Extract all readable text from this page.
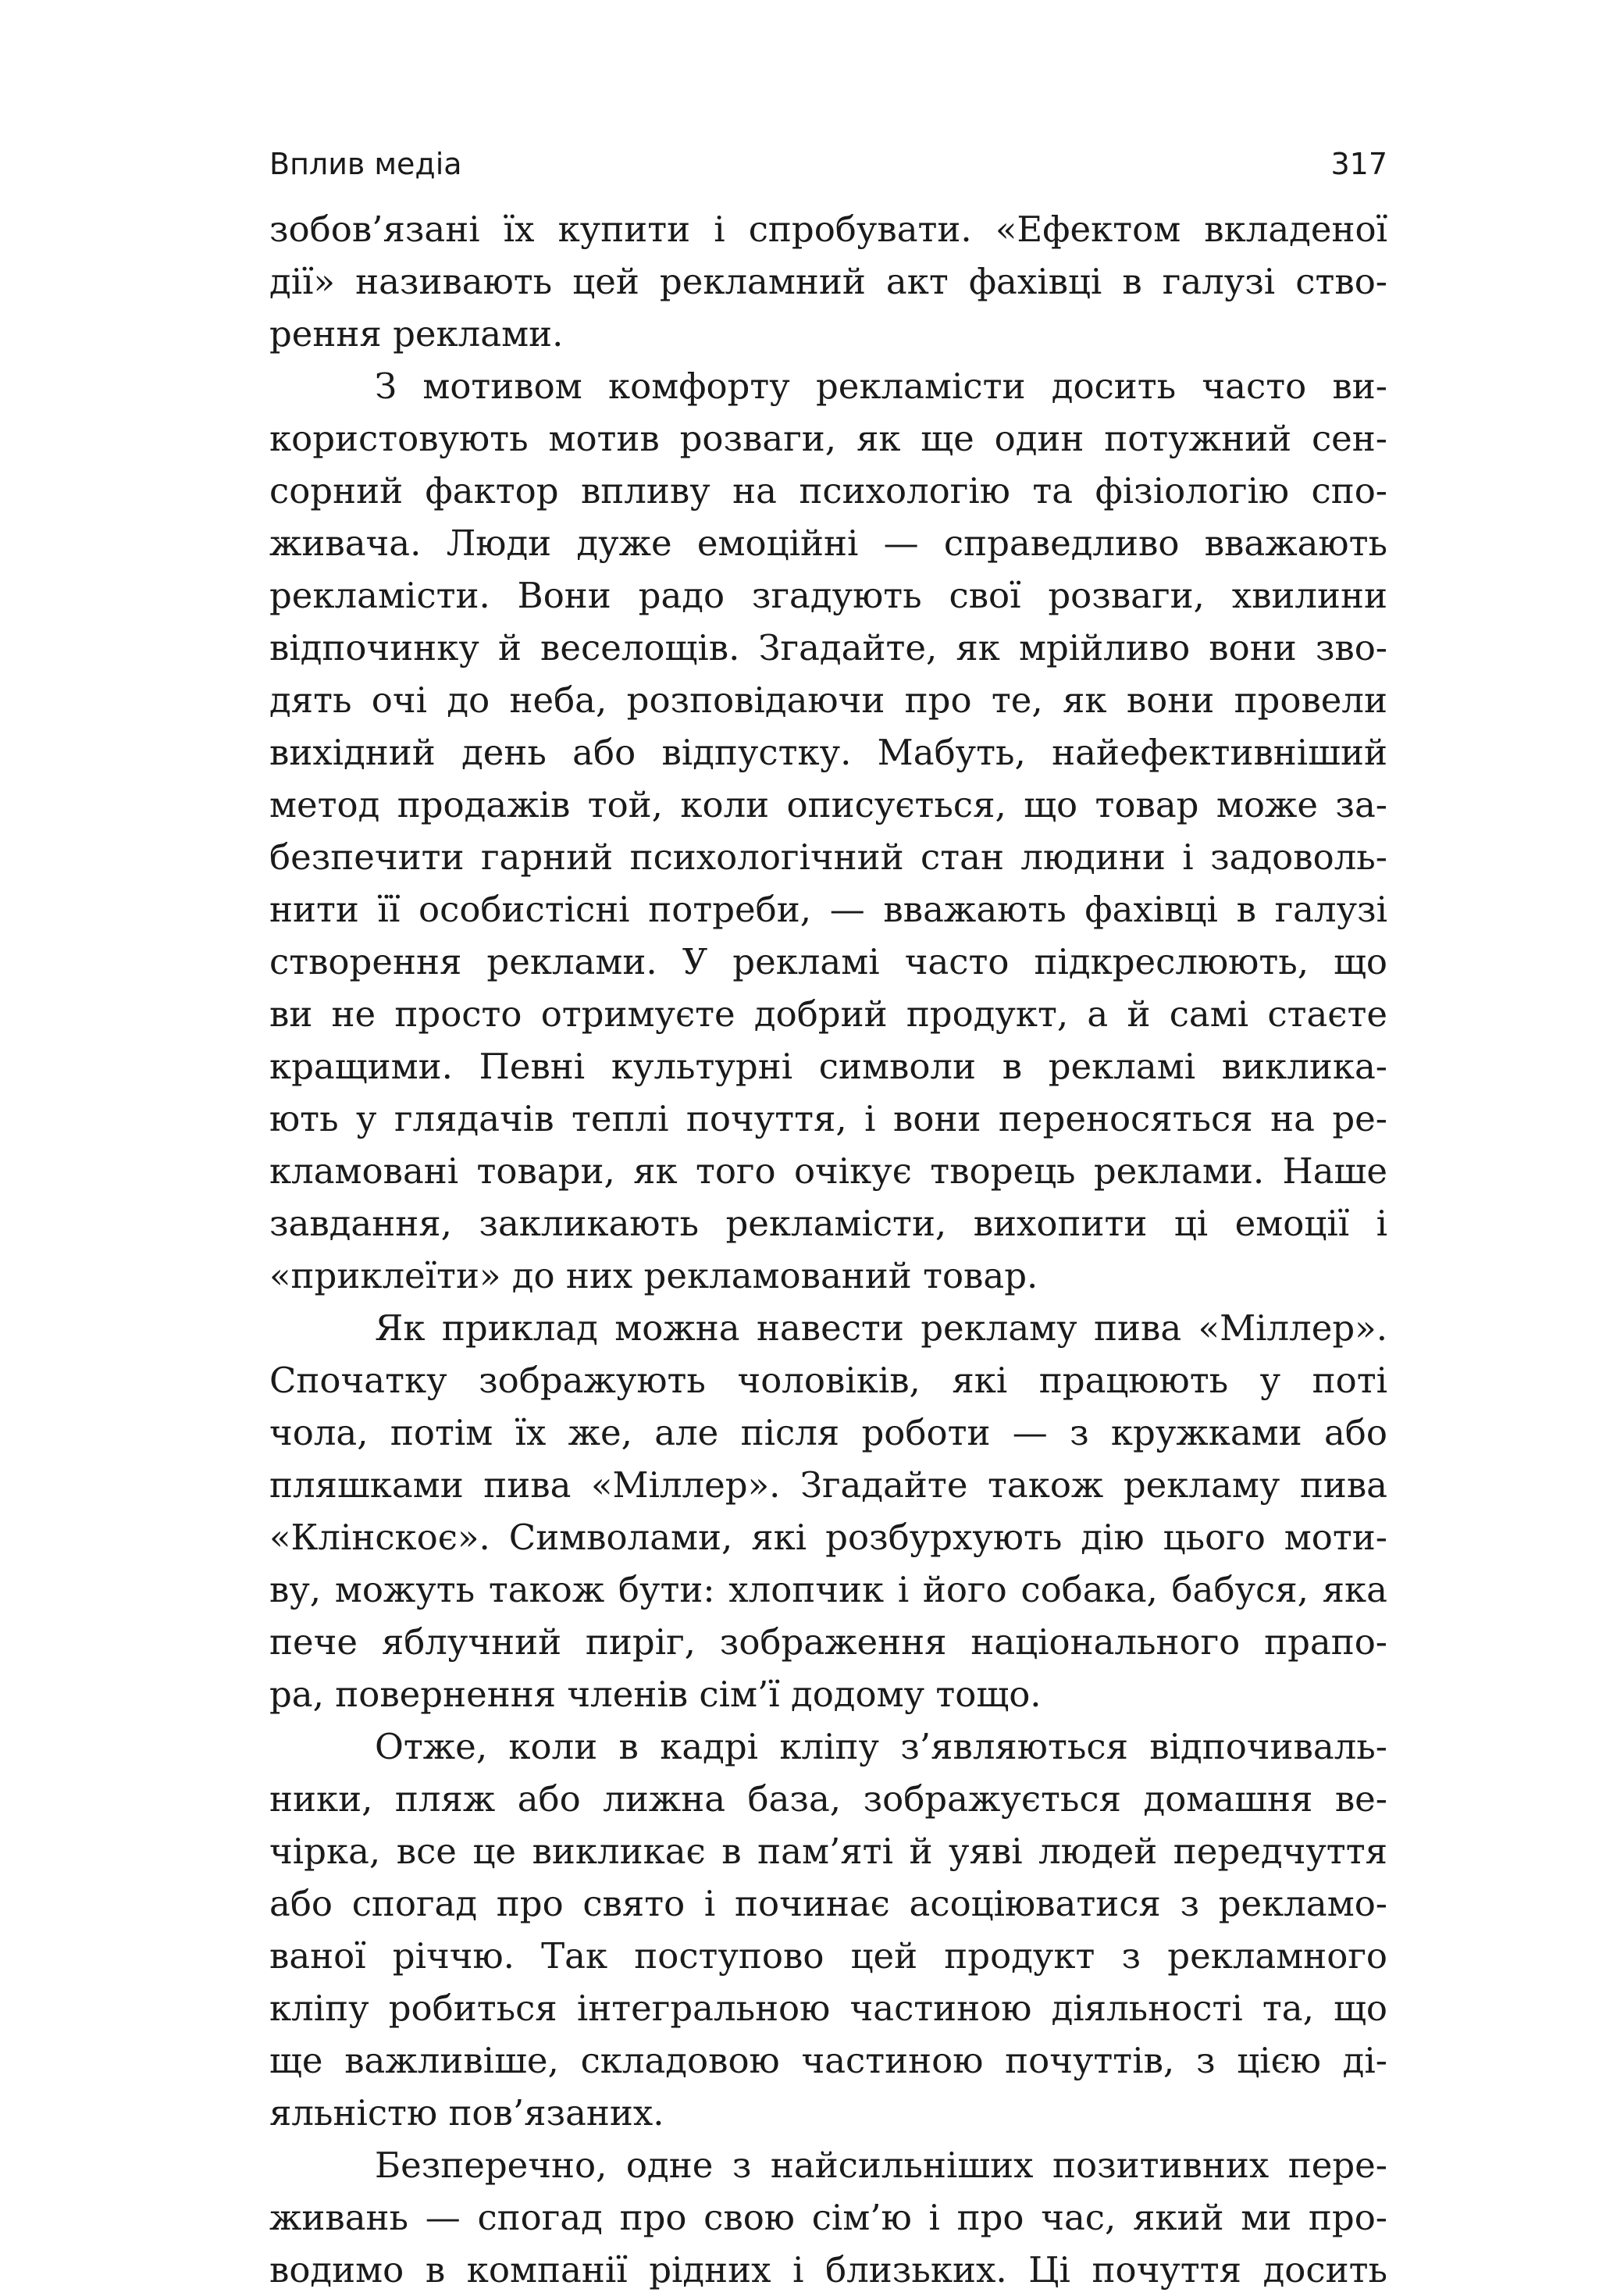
Вплив медіа	317
зобов’язані їх купити і спробувати. «Ефектом вкладеної
дії» називають цей рекламний акт фахівці в галузі ство-
рення реклами.
З мотивом комфорту рекламісти досить часто ви-
користовують мотив розваги, як ще один потужний сен-
сорний фактор впливу на психологію та фізіологію спо-
живача. Люди дуже емоційні — справедливо вважають
рекламісти. Вони радо згадують свої розваги, хвилини
відпочинку й веселощів. Згадайте, як мрійливо вони зво-
дять очі до неба, розповідаючи про те, як вони провели
вихідний день або відпустку. Мабуть, найефективніший
метод продажів той, коли описується, що товар може за-
безпечити гарний психологічний стан людини і задоволь-
нити її особистісні потреби, — вважають фахівці в галузі
створення реклами. У рекламі часто підкреслюють, що
ви не просто отримуєте добрий продукт, а й самі стаєте
кращими. Певні культурні символи в рекламі виклика-
ють у глядачів теплі почуття, і вони переносяться на ре-
кламовані товари, як того очікує творець реклами. Наше
завдання, закликають рекламісти, вихопити ці емоції і
«приклеїти» до них рекламований товар.
Як приклад можна навести рекламу пива «Міллер».
Спочатку зображують чоловіків, які працюють у поті
чола, потім їх же, але після роботи — з кружками або
пляшками пива «Міллер». Згадайте також рекламу пива
«Клінскоє». Символами, які розбурхують дію цього моти-
ву, можуть також бути: хлопчик і його собака, бабуся, яка
пече яблучний пиріг, зображення національного прапо-
ра, повернення членів сім’ї додому тощо.
Отже, коли в кадрі кліпу з’являються відпочиваль-
ники, пляж або лижна база, зображується домашня ве-
чірка, все це викликає в пам’яті й уяві людей передчуття
або спогад про свято і починає асоціюватися з рекламо-
ваної річчю. Так поступово цей продукт з рекламного
кліпу робиться інтегральною частиною діяльності та, що
ще важливіше, складовою частиною почуттів, з цією ді-
яльністю пов’язаних.
Безперечно, одне з найсильніших позитивних пере-
живань — спогад про свою сім’ю і про час, який ми про-
водимо в компанії рідних і близьких. Ці почуття досить
